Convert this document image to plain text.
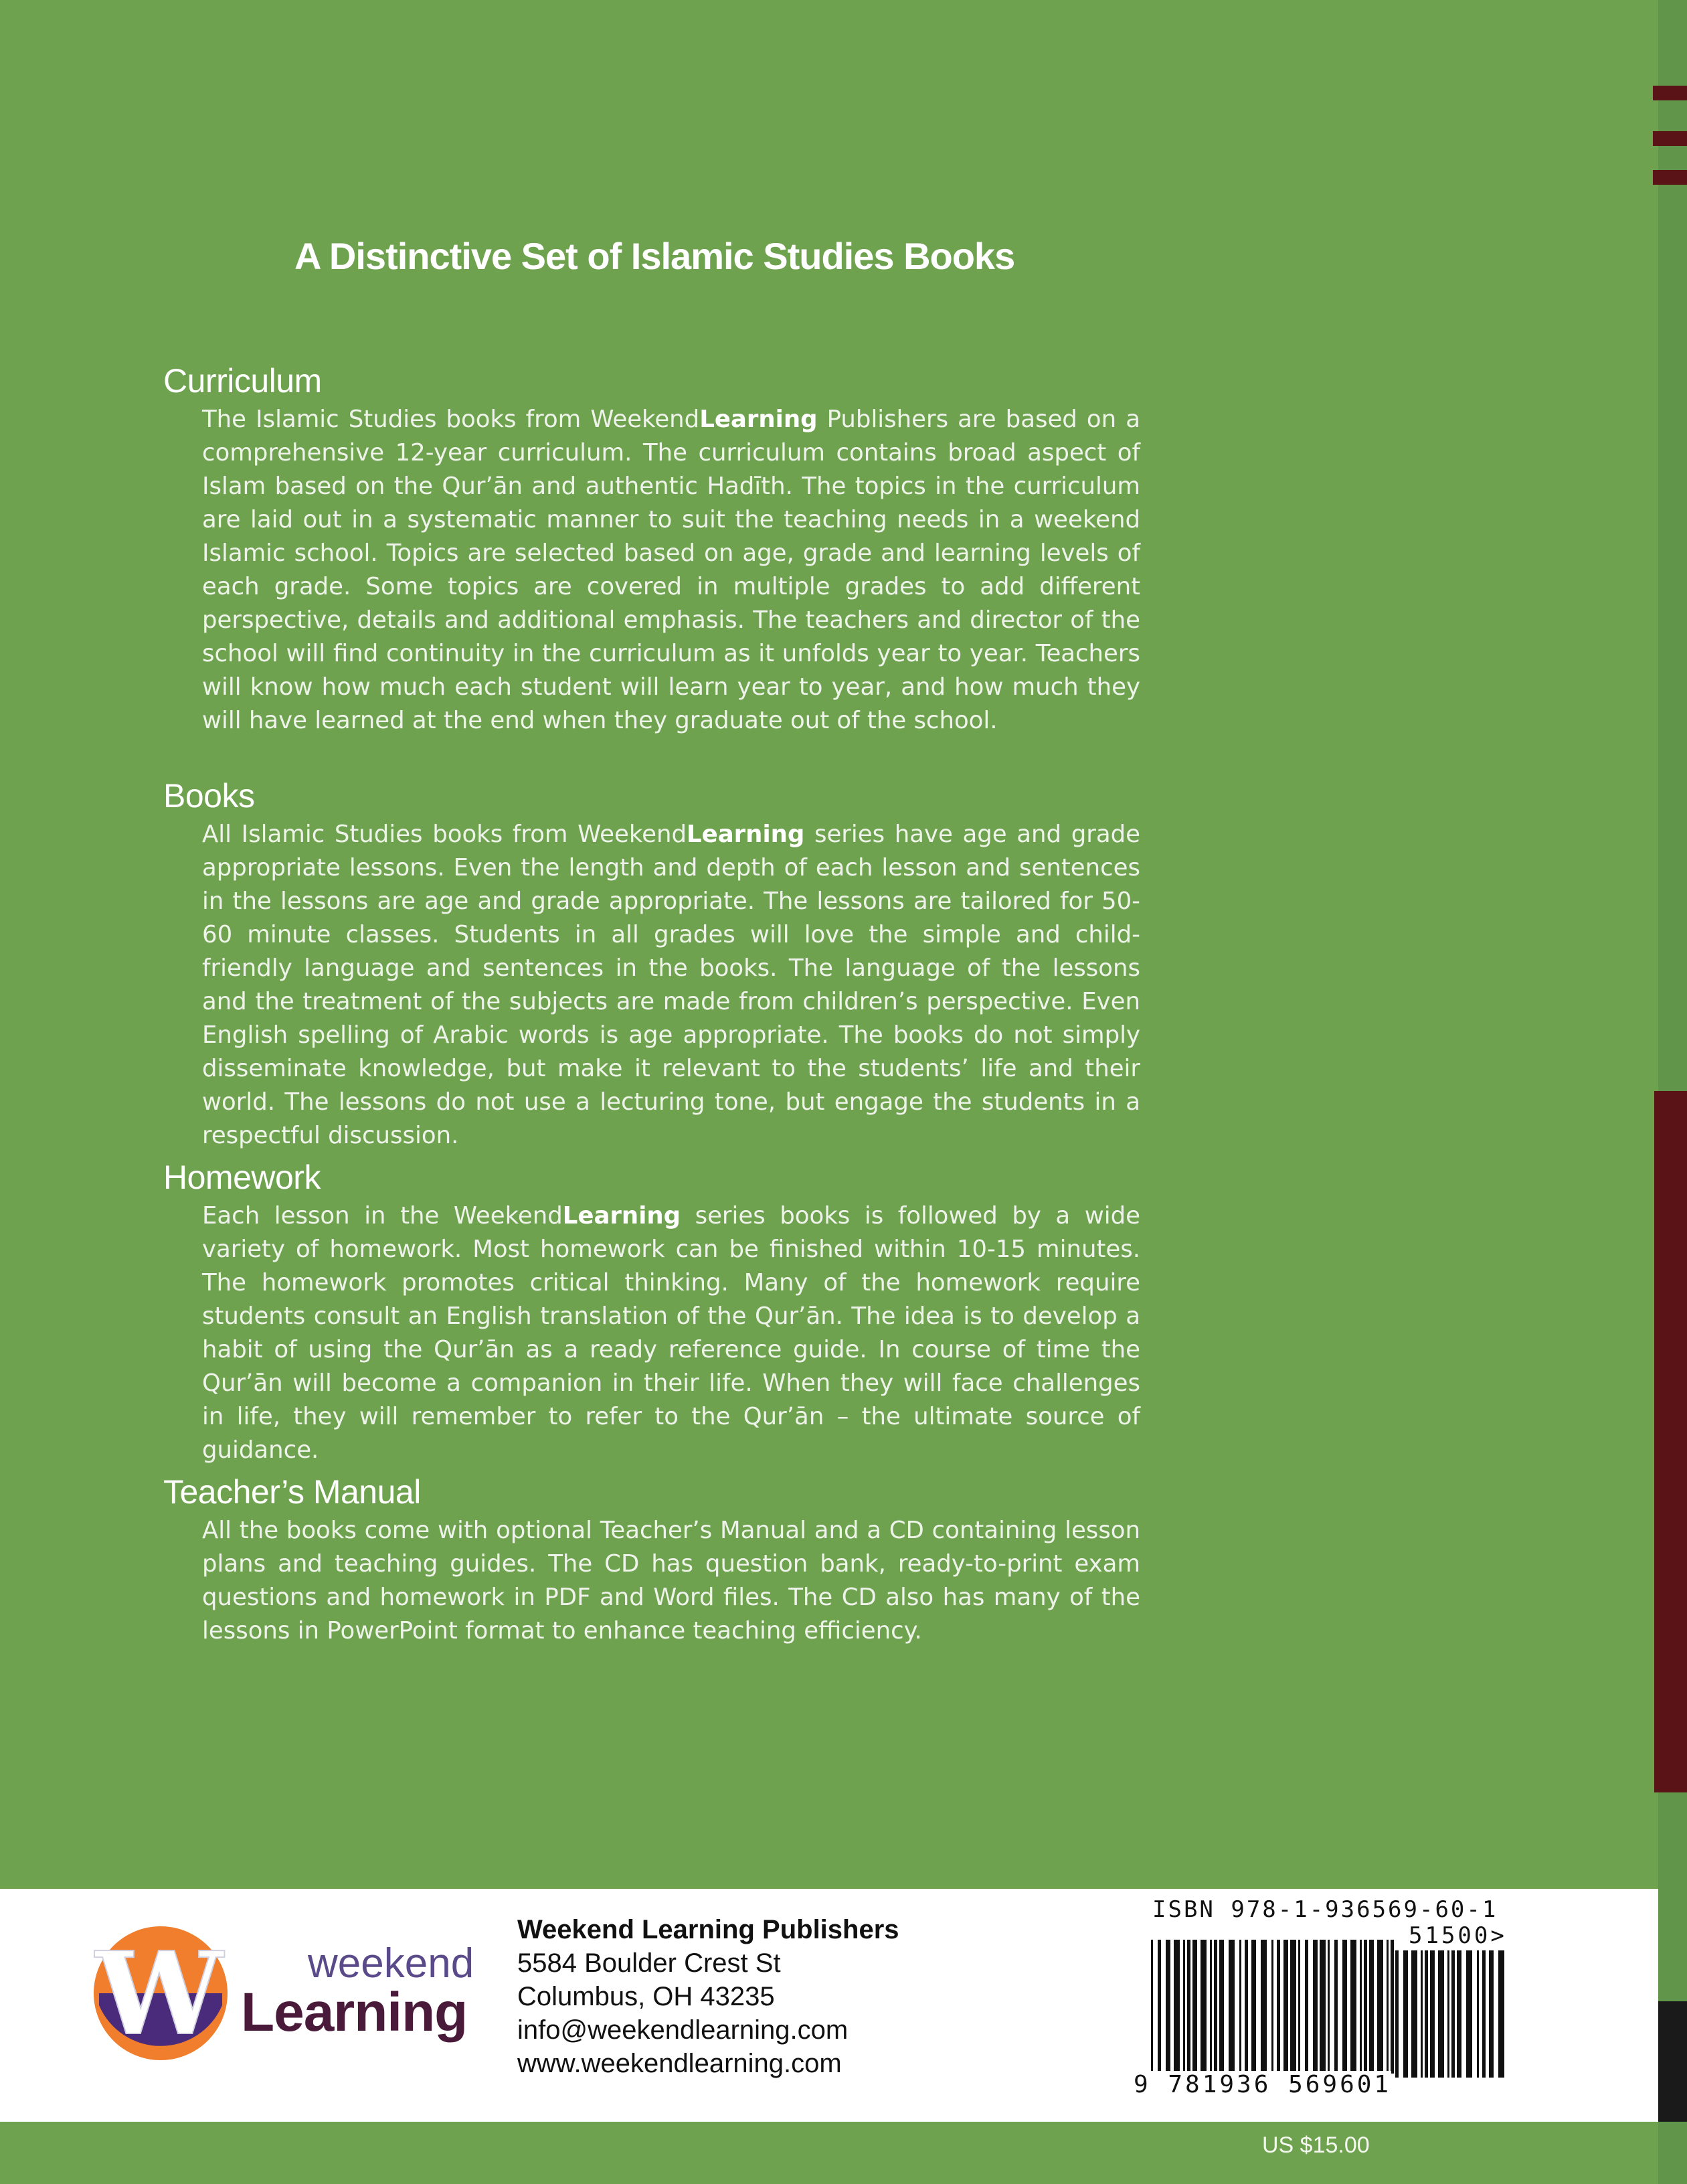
A Distinctive Set of Islamic Studies Books
Curriculum

The Islamic Studies books from WeekendLearning Publishers are based on a comprehensive 12-year curriculum. The curriculum contains broad aspect of Islam based on the Qur’ān and authentic Hadīth. The topics in the curriculum are laid out in a systematic manner to suit the teaching needs in a weekend Islamic school. Topics are selected based on age, grade and learning levels of each grade. Some topics are covered in multiple grades to add different perspective, details and additional emphasis. The teachers and director of the school will find continuity in the curriculum as it unfolds year to year. Teachers will know how much each student will learn year to year, and how much they will have learned at the end when they graduate out of the school.

Books

All Islamic Studies books from WeekendLearning series have age and grade appropriate lessons. Even the length and depth of each lesson and sentences in the lessons are age and grade appropriate. The lessons are tailored for 50-60 minute classes. Students in all grades will love the simple and child-friendly language and sentences in the books. The language of the lessons and the treatment of the subjects are made from children’s perspective. Even English spelling of Arabic words is age appropriate. The books do not simply disseminate knowledge, but make it relevant to the students’ life and their world. The lessons do not use a lecturing tone, but engage the students in a respectful discussion.

Homework

Each lesson in the WeekendLearning series books is followed by a wide variety of homework. Most homework can be finished within 10-15 minutes. The homework promotes critical thinking. Many of the homework require students consult an English translation of the Qur’ān. The idea is to develop a habit of using the Qur’ān as a ready reference guide. In course of time the Qur’ān will become a companion in their life. When they will face challenges in life, they will remember to refer to the Qur’ān – the ultimate source of guidance.

Teacher’s Manual

All the books come with optional Teacher’s Manual and a CD containing lesson plans and teaching guides. The CD has question bank, ready-to-print exam questions and homework in PDF and Word files. The CD also has many of the lessons in PowerPoint format to enhance teaching efficiency.

W weekend
Learning
Weekend Learning Publishers
5584 Boulder Crest St
Columbus, OH 43235
info@weekendlearning.com
www.weekendlearning.com
ISBN 978-1-936569-60-1
51500>
9 781936 569601
US $15.00
